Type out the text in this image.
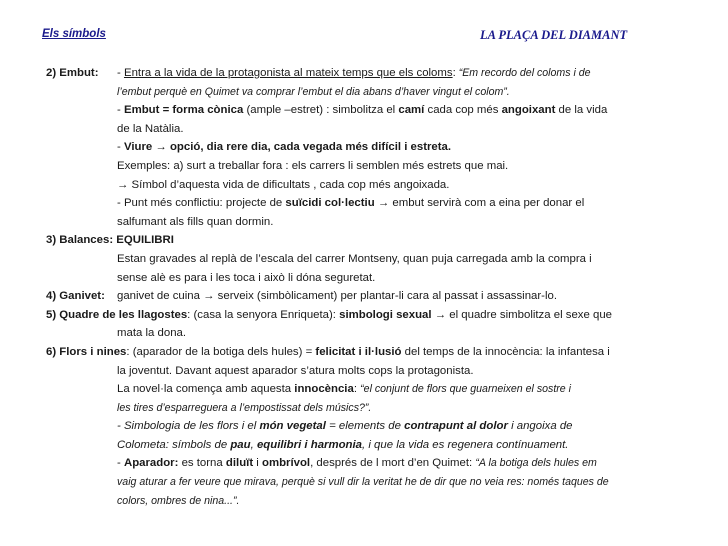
Els símbols	LA PLAÇA DEL DIAMANT
2) Embut: - Entra a la vida de la protagonista al mateix temps que els coloms: “Em recordo del coloms i de
l’embut perquè en Quimet va comprar l’embut el dia abans d’haver vingut el colom”.
- Embut = forma cònica (ample –estret) : simbolitza el camí cada cop més angoixant de la vida
de la Natàlia.
- Viure → opció, dia rere dia, cada vegada més difícil i estreta.
Exemples: a) surt a treballar fora : els carrers li semblen més estrets que mai.
→ Símbol d’aquesta vida de dificultats , cada cop més angoixada.
- Punt més conflictiu: projecte de suïcidi col·lectiu → embut servirà com a eina per donar el
salfumant als fills quan dormin.
3) Balances: EQUILIBRI
Estan gravades al replà de l’escala del carrer Montseny, quan puja carregada amb la compra i
sense alè es para i les toca i això li dóna seguretat.
4) Ganivet: ganivet de cuina → serveix (simbòlicament) per plantar-li cara al passat i assassinar-lo.
5) Quadre de les llagostes: (casa la senyora Enriqueta): simbologi sexual → el quadre simbolitza el sexe que
mata la dona.
6) Flors i nines: (aparador de la botiga dels hules) = felicitat i il·lusió del temps de la innocència: la infantesa i
la joventut. Davant aquest aparador s’atura molts cops la protagonista.
La novel·la comença amb aquesta innocència: “el conjunt de flors que guarneixen el sostre i
les tires d’esparreguera a l’empostissat dels músics?”.
- Simbologia de les flors i el món vegetal = elements de contrapunt al dolor i angoixa de
Colometa: símbols de pau, equilibri i harmonia, i que la vida es regenera contínuament.
- Aparador: es torna diluït i ombrívol, després de l mort d’en Quimet: “A la botiga dels hules em
vaig aturar a fer veure que mirava, perquè si vull dir la veritat he de dir que no veia res: només taques de
colors, ombres de nina...”.
